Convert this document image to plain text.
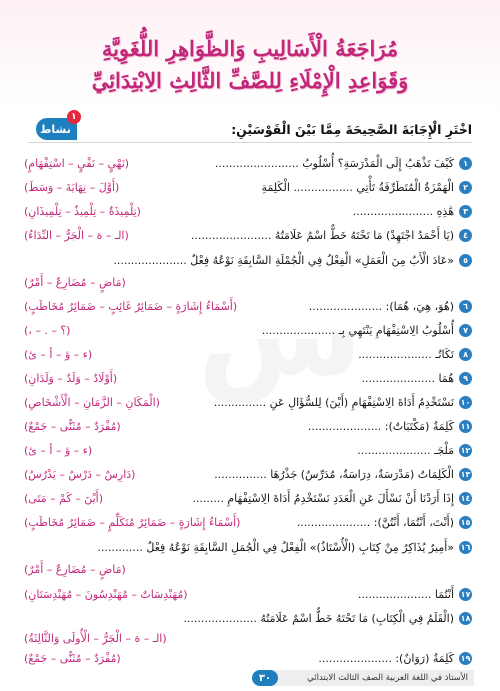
مُرَاجَعَةُ الْأَسَالِيبِ وَالظَّوَاهِرِ اللُّغَوِيَّةِ
وَقَوَاعِدِ الْإِمْلَاءِ لِلصَّفِّ الثَّالِثِ الِابْتِدَائِيِّ
اخْتَرِ الْإِجَابَةَ الصَّحِيحَةَ مِمَّا بَيْنَ الْقَوْسَيْنِ:
نشاط
١
١
كَيْفَ تَذْهَبُ إِلَى الْمَدْرَسَةِ؟ أُسْلُوبُ ........................
(نَهْيٍ – نَفْيٍ – اسْتِفْهَامٍ)
٢
الْهَمْزَةُ الْمُتَطَرِّفَةُ تَأْتِي ................. الْكَلِمَةِ
(أَوَّلَ – نِهَايَةَ – وَسَطَ)
٣
هَٰذِهِ .......................
(تِلْمِيذَةٌ – تِلْمِيذٌ – تِلْمِيذَانِ)
٤
(يَا أَحْمَدُ اجْتَهِدْ) مَا تَحْتَهُ خَطٌّ اسْمُ عَلَامَتُهُ .......................
(الـ – ة – الْجَرُّ – النِّدَاءُ)
٥
«عَادَ الْأَبُ مِنَ الْعَمَلِ» الْفِعْلُ فِي الْجُمْلَةِ السَّابِقَةِ نَوْعُهُ فِعْلٌ .....................
(مَاضٍ – مُضَارِعٌ – أَمْرٌ)
٦
(هُوَ، هِيَ، هُمَا): .....................
(أَسْمَاءُ إِشَارَةٍ – ضَمَائِرُ غَائِبٍ – ضَمَائِرُ مُخَاطَبٍ)
٧
أُسْلُوبُ الِاسْتِفْهَامِ يَنْتَهِي بِـ .....................
(؟ – . – ،)
٨
تَكَاتُـ .....................
(ء – ؤ – أ – ئ)
٩
هُمَا .....................
(أَوْلَادٌ – وَلَدٌ – وَلَدَانِ)
١٠
نَسْتَخْدِمُ أَدَاةَ الِاسْتِفْهَامِ (أَيْنَ) لِلسُّؤَالِ عَنِ ...............
(الْمَكَانِ – الزَّمَانِ – الْأَشْخَاصِ)
١١
كَلِمَةُ (مَكْتَبَاتٌ): .....................
(مُفْرَدٌ – مُثَنًّى – جَمْعٌ)
١٢
مَلْجَـ .....................
(ء – ؤ – أ – ئ)
١٣
الْكَلِمَاتُ (مَدْرَسَةٌ، دِرَاسَةٌ، مُدَرِّسٌ) جَذْرُهَا ...............
(دَارِسٌ – دَرْسٌ – يَدْرُسُ)
١٤
إِذَا أَرَدْنَا أَنْ نَسْأَلَ عَنِ الْعَدَدِ نَسْتَخْدِمُ أَدَاةَ الِاسْتِفْهَامِ .........
(أَيْنَ – كَمْ – مَتَى)
١٥
(أَنْتَ، أَنْتُمَا، أَنْتُنَّ): .....................
(أَسْمَاءُ إِشَارَةٍ – ضَمَائِرُ مُتَكَلِّمٍ – ضَمَائِرُ مُخَاطَبٍ)
١٦
«أَمِيرٌ يُذَاكِرُ مِنْ كِتَابِ (الْأُسْتَاذُ)» الْفِعْلُ فِي الْجُمَلِ السَّابِقَةِ نَوْعُهُ فِعْلٌ .............
(مَاضٍ – مُضَارِعٌ – أَمْرٌ)
١٧
أَنْتُمَا .....................
(مُهَنْدِسَاتٌ – مُهَنْدِسُونَ – مُهَنْدِسَتَانِ)
١٨
(الْقَلَمُ فِي الْكِتَابِ) مَا تَحْتَهُ خَطٌّ اسْمٌ عَلَامَتُهُ .....................
(الـ – ة – الْجَرُّ – الْأُولَى وَالثَّالِثَةُ)
١٩
كَلِمَةُ (رَوَانٌ): .....................
(مُفْرَدٌ – مُثَنًّى – جَمْعٌ)
الأستاذ في اللغة العربية الصف الثالث الابتدائي
٣٠
